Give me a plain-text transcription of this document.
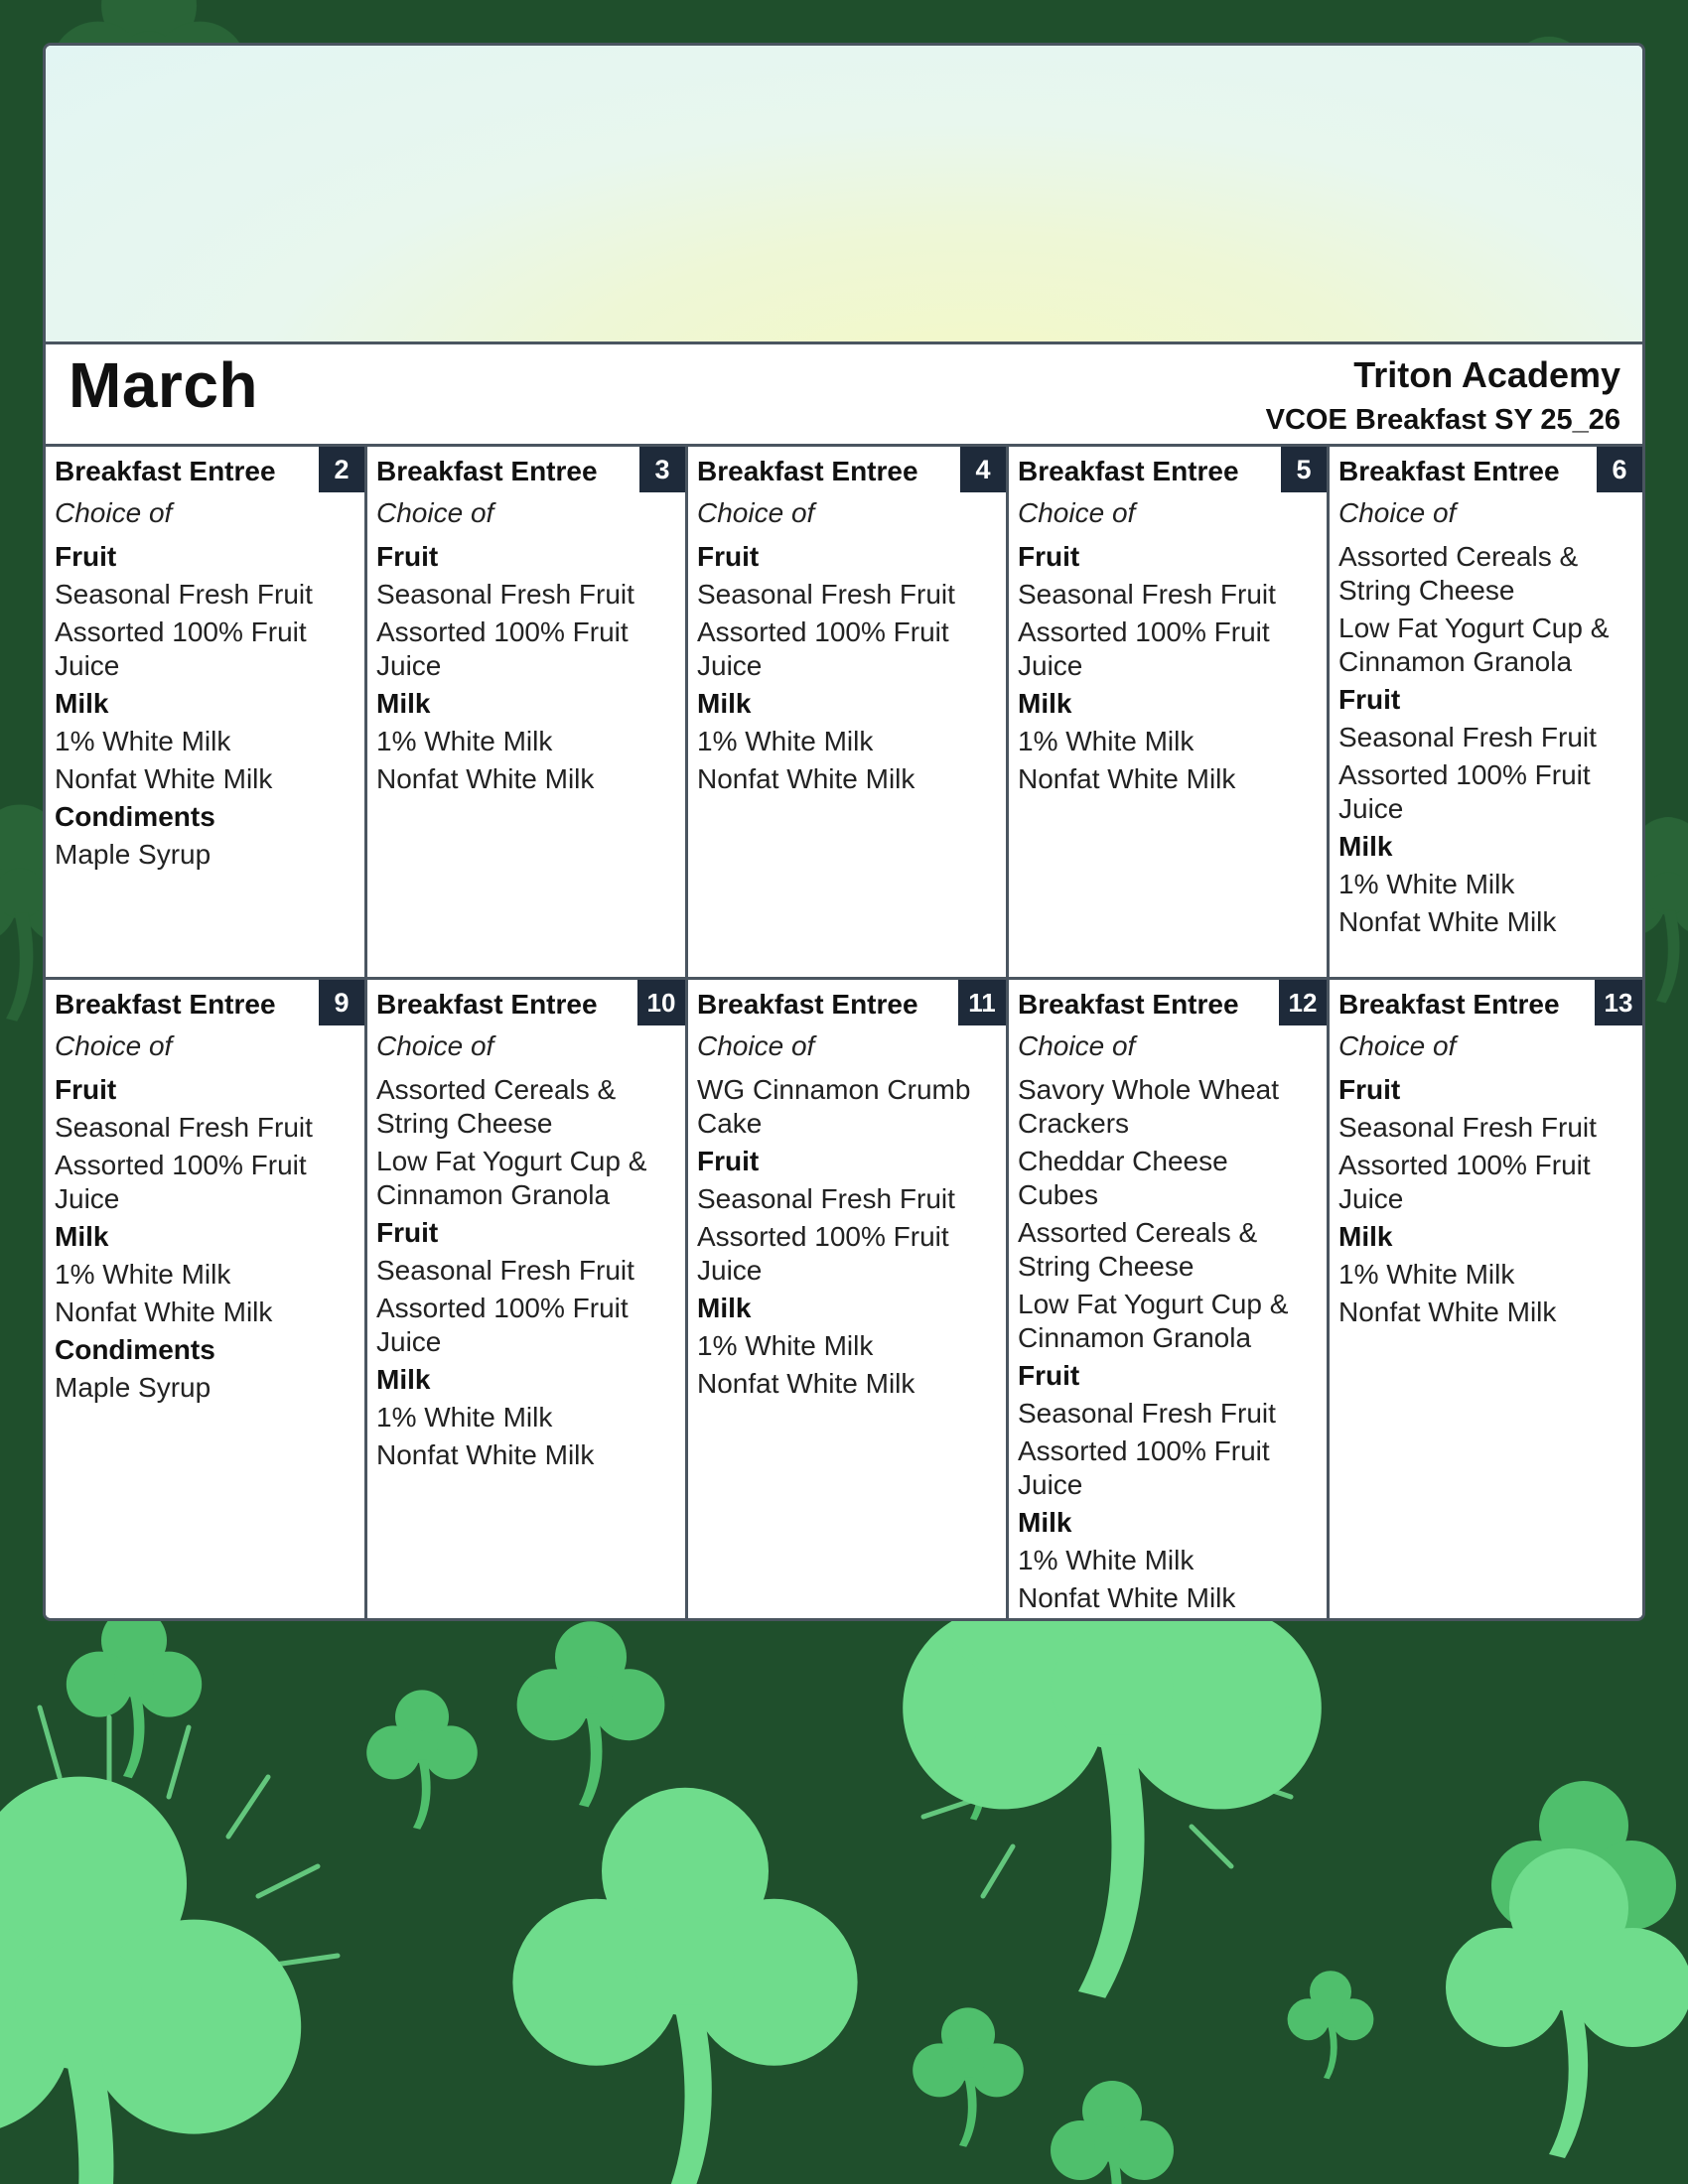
March	Triton Academy
VCOE Breakfast SY 25_26
2
Breakfast Entree
Choice of
Fruit
Seasonal Fresh Fruit
Assorted 100% Fruit Juice
Milk
1% White Milk
Nonfat White Milk
Condiments
Maple Syrup
3
Breakfast Entree
Choice of
Fruit
Seasonal Fresh Fruit
Assorted 100% Fruit Juice
Milk
1% White Milk
Nonfat White Milk
4
Breakfast Entree
Choice of
Fruit
Seasonal Fresh Fruit
Assorted 100% Fruit Juice
Milk
1% White Milk
Nonfat White Milk
5
Breakfast Entree
Choice of
Fruit
Seasonal Fresh Fruit
Assorted 100% Fruit Juice
Milk
1% White Milk
Nonfat White Milk
6
Breakfast Entree
Choice of
Assorted Cereals & String Cheese
Low Fat Yogurt Cup & Cinnamon Granola
Fruit
Seasonal Fresh Fruit
Assorted 100% Fruit Juice
Milk
1% White Milk
Nonfat White Milk
9
Breakfast Entree
Choice of
Fruit
Seasonal Fresh Fruit
Assorted 100% Fruit Juice
Milk
1% White Milk
Nonfat White Milk
Condiments
Maple Syrup
10
Breakfast Entree
Choice of
Assorted Cereals & String Cheese
Low Fat Yogurt Cup & Cinnamon Granola
Fruit
Seasonal Fresh Fruit
Assorted 100% Fruit Juice
Milk
1% White Milk
Nonfat White Milk
11
Breakfast Entree
Choice of
WG Cinnamon Crumb Cake
Fruit
Seasonal Fresh Fruit
Assorted 100% Fruit Juice
Milk
1% White Milk
Nonfat White Milk
12
Breakfast Entree
Choice of
Savory Whole Wheat Crackers
Cheddar Cheese Cubes
Assorted Cereals & String Cheese
Low Fat Yogurt Cup & Cinnamon Granola
Fruit
Seasonal Fresh Fruit
Assorted 100% Fruit Juice
Milk
1% White Milk
Nonfat White Milk
13
Breakfast Entree
Choice of
Fruit
Seasonal Fresh Fruit
Assorted 100% Fruit Juice
Milk
1% White Milk
Nonfat White Milk
